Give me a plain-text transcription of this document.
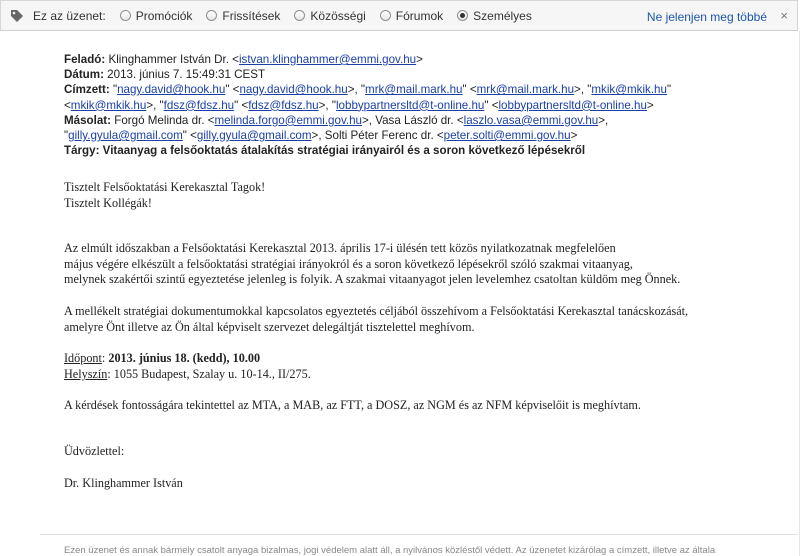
Ez az üzenet:	Promóciók	Frissítések	Közösségi	Fórumok	Személyes	Ne jelenjen meg többé ×
Feladó: Klinghammer István Dr. <istvan.klinghammer@emmi.gov.hu>
Dátum: 2013. június 7. 15:49:31 CEST
Címzett: "nagy.david@hook.hu" <nagy.david@hook.hu>, "mrk@mail.mark.hu" <mrk@mail.mark.hu>, "mkik@mkik.hu"
<mkik@mkik.hu>, "fdsz@fdsz.hu" <fdsz@fdsz.hu>, "lobbypartnersltd@t-online.hu" <lobbypartnersltd@t-online.hu>
Másolat: Forgó Melinda dr. <melinda.forgo@emmi.gov.hu>, Vasa László dr. <laszlo.vasa@emmi.gov.hu>,
"gilly.gyula@gmail.com" <gilly.gyula@gmail.com>, Solti Péter Ferenc dr. <peter.solti@emmi.gov.hu>
Tárgy: Vitaanyag a felsőoktatás átalakítás stratégiai irányairól és a soron következő lépésekről

Tisztelt Felsőoktatási Kerekasztal Tagok!

Tisztelt Kollégák!

Az elmúlt időszakban a Felsőoktatási Kerekasztal 2013. április 17-i ülésén tett közös nyilatkozatnak megfelelően

május végére elkészült a felsőoktatási stratégiai irányokról és a soron következő lépésekről szóló szakmai vitaanyag,

melynek szakértői szintű egyeztetése jelenleg is folyik. A szakmai vitaanyagot jelen levelemhez csatoltan küldöm meg Önnek.

A mellékelt stratégiai dokumentumokkal kapcsolatos egyeztetés céljából összehívom a Felsőoktatási Kerekasztal tanácskozását,

amelyre Önt illetve az Ön által képviselt szervezet delegáltját tisztelettel meghívom.

Időpont: 2013. június 18. (kedd), 10.00

Helyszín: 1055 Budapest, Szalay u. 10-14., II/275.

A kérdések fontosságára tekintettel az MTA, a MAB, az FTT, a DOSZ, az NGM és az NFM képviselőit is meghívtam.

Üdvözlettel:

Dr. Klinghammer István

Ezen üzenet és annak bármely csatolt anyaga bizalmas, jogi védelem alatt áll, a nyilvános közléstől védett. Az üzenetet kizárólag a címzett, illetve az általa
